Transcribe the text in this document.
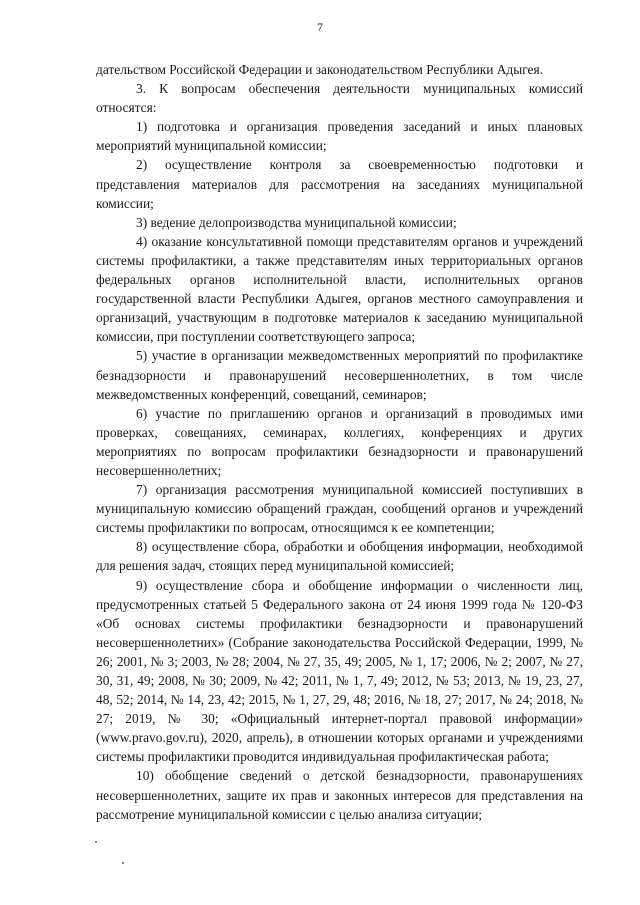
7

дательством Российской Федерации и законодательством Республики Адыгея.

3. К вопросам обеспечения деятельности муниципальных комиссий относятся:

1) подготовка и организация проведения заседаний и иных плановых мероприятий муниципальной комиссии;

2) осуществление контроля за своевременностью подготовки и представления материалов для рассмотрения на заседаниях муниципальной комиссии;

3) ведение делопроизводства муниципальной комиссии;

4) оказание консультативной помощи представителям органов и учреждений системы профилактики, а также представителям иных территориальных органов федеральных органов исполнительной власти, исполнительных органов государственной власти Республики Адыгея, органов местного самоуправления и организаций, участвующим в подготовке материалов к заседанию муниципальной комиссии, при поступлении соответствующего запроса;

5) участие в организации межведомственных мероприятий по профилактике безнадзорности и правонарушений несовершеннолетних, в том числе межведомственных конференций, совещаний, семинаров;

6) участие по приглашению органов и организаций в проводимых ими проверках, совещаниях, семинарах, коллегиях, конференциях и других мероприятиях по вопросам профилактики безнадзорности и правонарушений несовершеннолетних;

7) организация рассмотрения муниципальной комиссией поступивших в муниципальную комиссию обращений граждан, сообщений органов и учреждений системы профилактики по вопросам, относящимся к ее компетенции;

8) осуществление сбора, обработки и обобщения информации, необходимой для решения задач, стоящих перед муниципальной комиссией;

9) осуществление сбора и обобщение информации о численности лиц, предусмотренных статьей 5 Федерального закона от 24 июня 1999 года № 120-ФЗ «Об основах системы профилактики безнадзорности и правонарушений несовершеннолетних» (Собрание законодательства Российской Федерации, 1999, № 26; 2001, № 3; 2003, № 28; 2004, № 27, 35, 49; 2005, № 1, 17; 2006, № 2; 2007, № 27, 30, 31, 49; 2008, № 30; 2009, № 42; 2011, № 1, 7, 49; 2012, № 53; 2013, № 19, 23, 27, 48, 52; 2014, № 14, 23, 42; 2015, № 1, 27, 29, 48; 2016, № 18, 27; 2017, № 24; 2018, № 27; 2019, № 30; «Официальный интернет-портал правовой информации» (www.pravo.gov.ru), 2020, апрель), в отношении которых органами и учреждениями системы профилактики проводится индивидуальная профилактическая работа;

10) обобщение сведений о детской безнадзорности, правонарушениях несовершеннолетних, защите их прав и законных интересов для представления на рассмотрение муниципальной комиссии с целью анализа ситуации;
